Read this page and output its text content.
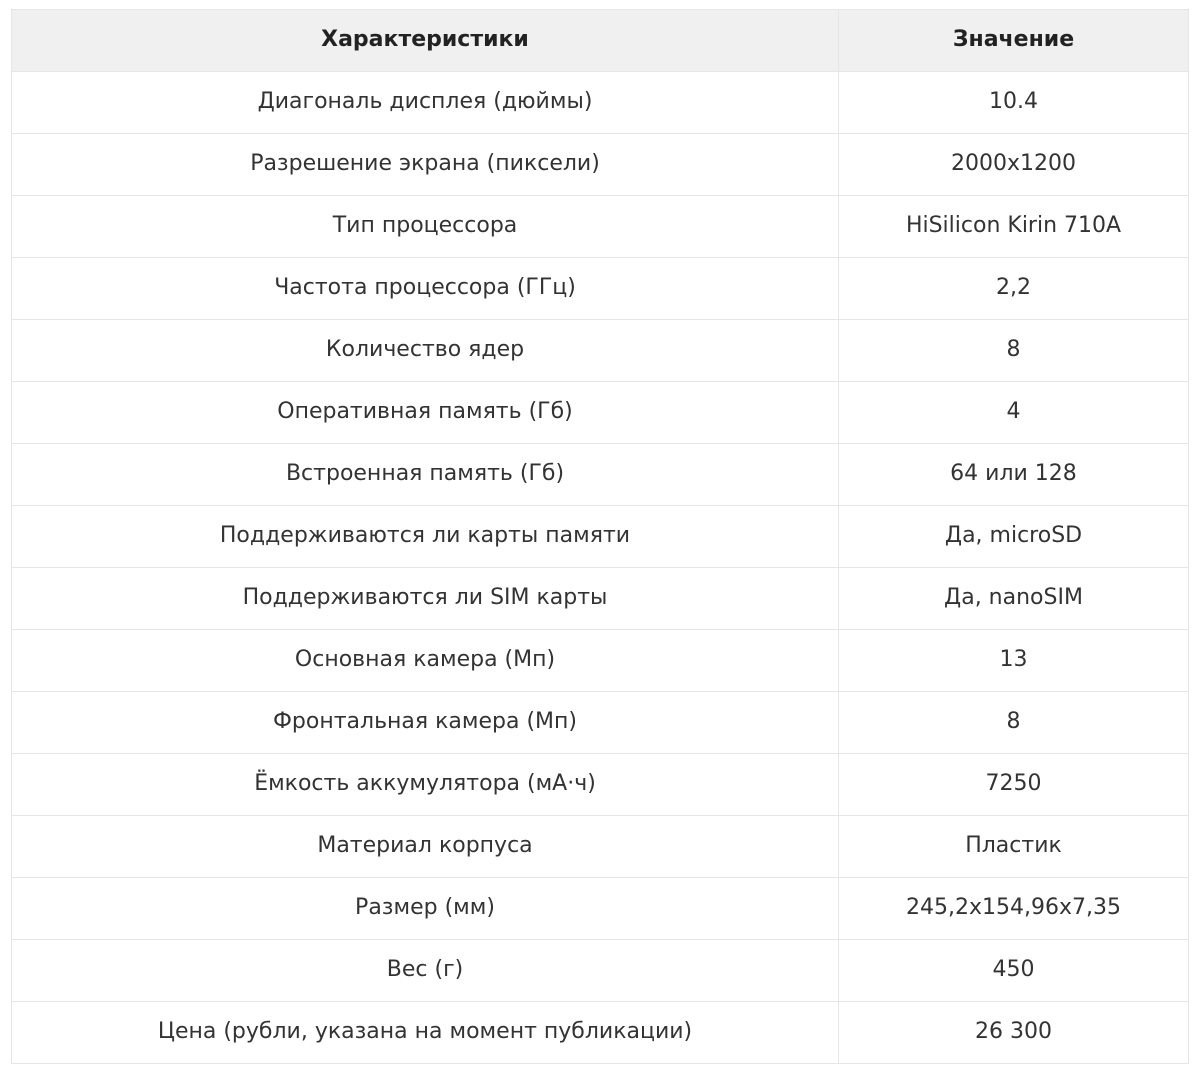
Характеристики	Значение
Диагональ дисплея (дюймы)	10.4
Разрешение экрана (пиксели)	2000x1200
Тип процессора	HiSilicon Kirin 710A
Частота процессора (ГГц)	2,2
Количество ядер	8
Оперативная память (Гб)	4
Встроенная память (Гб)	64 или 128
Поддерживаются ли карты памяти	Да, microSD
Поддерживаются ли SIM карты	Да, nanoSIM
Основная камера (Мп)	13
Фронтальная камера (Мп)	8
Ёмкость аккумулятора (мА·ч)	7250
Материал корпуса	Пластик
Размер (мм)	245,2x154,96x7,35
Вес (г)	450
Цена (рубли, указана на момент публикации)	26 300
